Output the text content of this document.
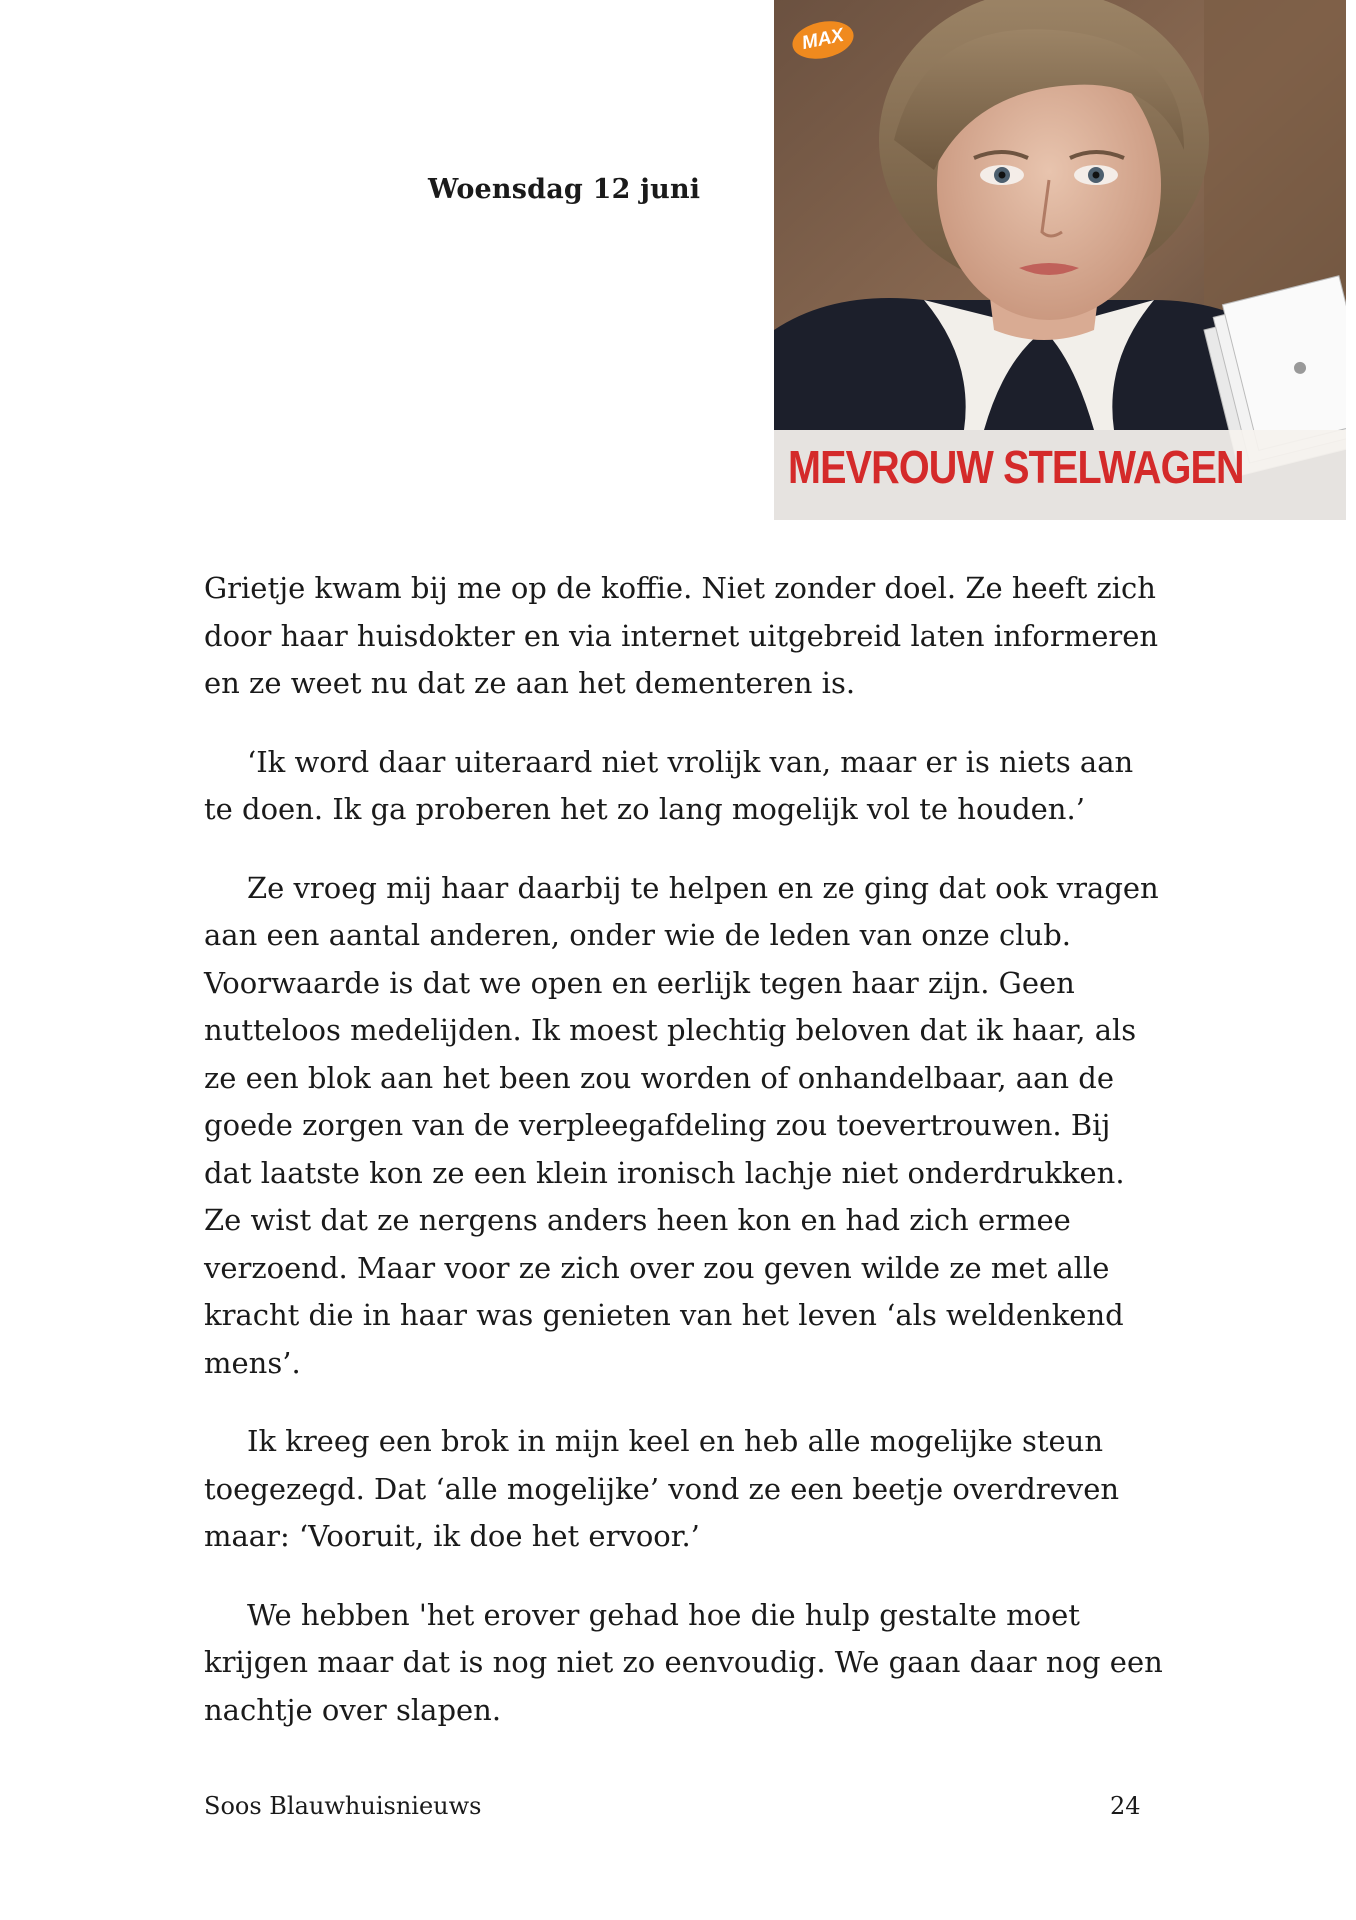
Woensdag 12 juni
MAX
MEVROUW STELWAGEN

Grietje kwam bij me op de koffie. Niet zonder doel. Ze heeft zich door haar huisdokter en via internet uitgebreid laten informeren en ze weet nu dat ze aan het dementeren is.

‘Ik word daar uiteraard niet vrolijk van, maar er is niets aan te doen. Ik ga proberen het zo lang mogelijk vol te houden.’

Ze vroeg mij haar daarbij te helpen en ze ging dat ook vragen aan een aantal anderen, onder wie de leden van onze club. Voorwaarde is dat we open en eerlijk tegen haar zijn. Geen nutteloos medelijden. Ik moest plechtig beloven dat ik haar, als ze een blok aan het been zou worden of onhandelbaar, aan de goede zorgen van de verpleegafdeling zou toevertrouwen. Bij dat laatste kon ze een klein ironisch lachje niet onderdrukken. Ze wist dat ze nergens anders heen kon en had zich ermee verzoend. Maar voor ze zich over zou geven wilde ze met alle kracht die in haar was genieten van het leven ‘als weldenkend mens’.

Ik kreeg een brok in mijn keel en heb alle mogelijke steun toegezegd. Dat ‘alle mogelijke’ vond ze een beetje overdreven maar: ‘Vooruit, ik doe het ervoor.’

We hebben 'het erover gehad hoe die hulp gestalte moet krijgen maar dat is nog niet zo eenvoudig. We gaan daar nog een nachtje over slapen.

Soos Blauwhuisnieuws	24
